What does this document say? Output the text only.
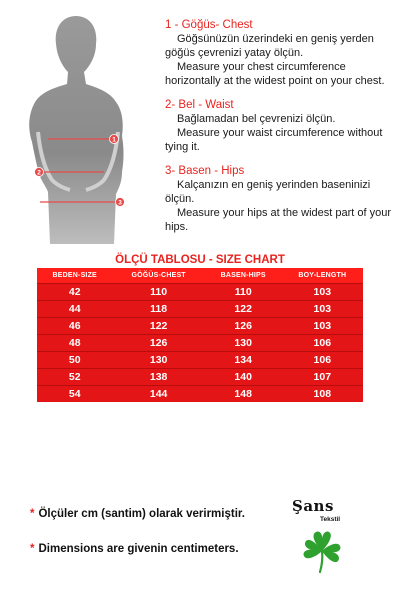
1
2
3
1 - Göğüs- Chest
Göğsünüzün üzerindeki en geniş yerden göğüs çevrenizi yatay ölçün.
Measure your chest circumference horizontally at the widest point on your chest.
2- Bel - Waist
Bağlamadan bel çevrenizi ölçün.
Measure your waist circumference without tying it.
3- Basen - Hips
Kalçanızın en geniş yerinden baseninizi ölçün.
Measure your hips at the widest part of your hips.
ÖLÇÜ TABLOSU - SIZE CHART
BEDEN-SIZE	GÖĞÜS-CHEST	BASEN-HIPS	BOY-LENGTH
42	110	110	103
44	118	122	103
46	122	126	103
48	126	130	106
50	130	134	106
52	138	140	107
54	144	148	108
* Ölçüler cm (santim) olarak verirmiştir.
* Dimensions are givenin centimeters.
Şans
Tekstil
